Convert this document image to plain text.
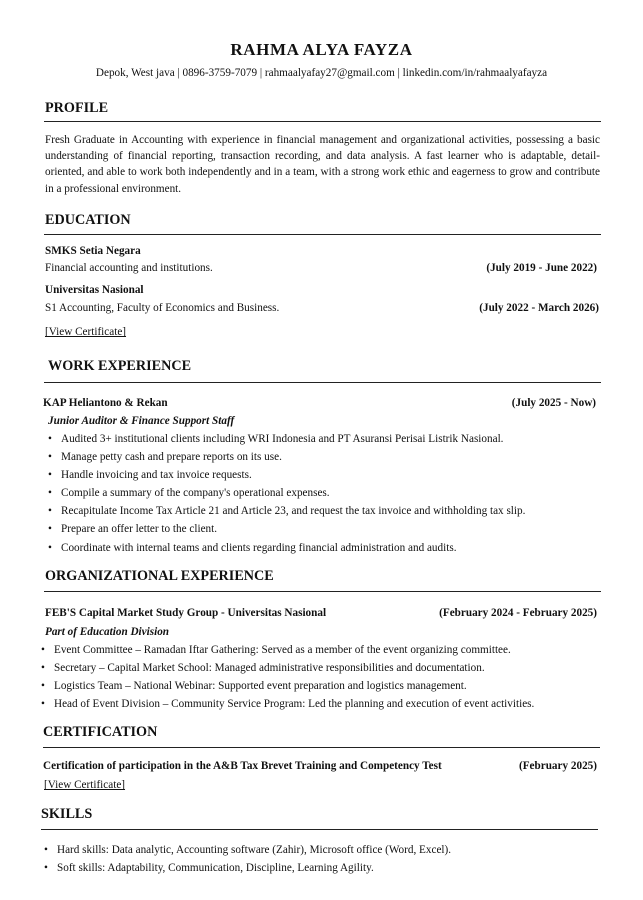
RAHMA ALYA FAYZA
Depok, West java | 0896-3759-7079 | rahmaalyafay27@gmail.com | linkedin.com/in/rahmaalyafayza
PROFILE
Fresh Graduate in Accounting with experience in financial management and organizational activities, possessing a basic understanding of financial reporting, transaction recording, and data analysis. A fast learner who is adaptable, detail-oriented, and able to work both independently and in a team, with a strong work ethic and eagerness to grow and contribute in a professional environment.
EDUCATION
SMKS Setia Negara
Financial accounting and institutions.	(July 2019 - June 2022)
Universitas Nasional
S1 Accounting, Faculty of Economics and Business.	(July 2022 - March 2026)
[View Certificate]
WORK EXPERIENCE
KAP Heliantono & Rekan	(July 2025 - Now)
Junior Auditor & Finance Support Staff
• Audited 3+ institutional clients including WRI Indonesia and PT Asuransi Perisai Listrik Nasional.
• Manage petty cash and prepare reports on its use.
• Handle invoicing and tax invoice requests.
• Compile a summary of the company's operational expenses.
• Recapitulate Income Tax Article 21 and Article 23, and request the tax invoice and withholding tax slip.
• Prepare an offer letter to the client.
• Coordinate with internal teams and clients regarding financial administration and audits.
ORGANIZATIONAL EXPERIENCE
FEB'S Capital Market Study Group - Universitas Nasional	(February 2024 - February 2025)
Part of Education Division
• Event Committee – Ramadan Iftar Gathering: Served as a member of the event organizing committee.
• Secretary – Capital Market School: Managed administrative responsibilities and documentation.
• Logistics Team – National Webinar: Supported event preparation and logistics management.
• Head of Event Division – Community Service Program: Led the planning and execution of event activities.
CERTIFICATION
Certification of participation in the A&B Tax Brevet Training and Competency Test	(February 2025)
[View Certificate]
SKILLS
• Hard skills: Data analytic, Accounting software (Zahir), Microsoft office (Word, Excel).
• Soft skills: Adaptability, Communication, Discipline, Learning Agility.
